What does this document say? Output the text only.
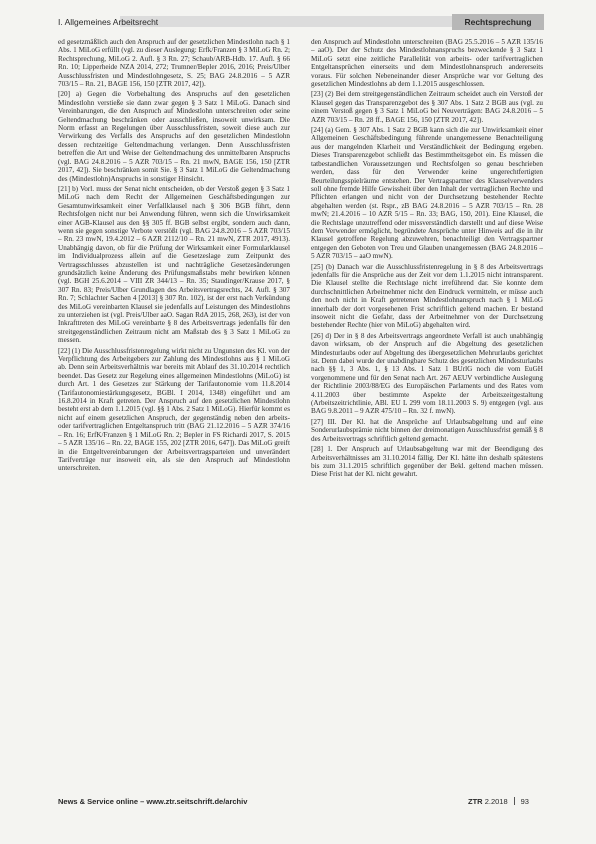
I. Allgemeines Arbeitsrecht	Rechtsprechung

ed gesetzmäßlich auch den Anspruch auf der gesetzlichen Mindestlohn nach § 1 Abs. 1 MiLoG erfüllt (vgl. zu dieser Auslegung: Erfk/Franzen § 3 MiLoG Rn. 2; Rechtsprechung, MiLoG 2. Aufl. § 3 Rn. 27; Schaub/ARB-Hdb. 17. Aufl. § 66 Rn. 10; Lipperheide NZA 2014, 272; Trumner/Bepler 2016, 2016; Preis/Ulber Ausschlussfristen und Mindestlohngesetz, S. 25; BAG 24.8.2016 – 5 AZR 703/15 – Rn. 21, BAGE 156, 150 [ZTR 2017, 42]).

[20] a) Gegen die Vorbehaltung des Anspruchs auf den gesetzlichen Mindestlohn verstieße sie dann zwar gegen § 3 Satz 1 MiLoG. Danach sind Vereinbarungen, die den Anspruch auf Mindestlohn unterschreiten oder seine Geltendmachung beschränken oder ausschließen, insoweit unwirksam. Die Norm erfasst an Regelungen über Ausschlussfristen, soweit diese auch zur Verwirkung des Verfalls des Anspruchs auf den gesetzlichen Mindestlohn dessen rechtzeitige Geltendmachung verlangen. Denn Ausschlussfristen betreffen die Art und Weise der Geltendmachung des unmittelbaren Anspruchs (vgl. BAG 24.8.2016 – 5 AZR 703/15 – Rn. 21 mwN, BAGE 156, 150 [ZTR 2017, 42]). Sie beschränken somit Sie. § 3 Satz 1 MiLoG die Geltendmachung des (Mindestlohn)Anspruchs in sonstiger Hinsicht.

[21] b) Vorl. muss der Senat nicht entscheiden, ob der Verstoß gegen § 3 Satz 1 MiLoG nach dem Recht der Allgemeinen Geschäftsbedingungen zur Gesamtunwirksamkeit einer Verfallklausel nach § 306 BGB führt, denn Rechtsfolgen nicht nur bei Anwendung führen, wenn sich die Unwirksamkeit einer AGB-Klausel aus den §§ 305 ff. BGB selbst ergibt, sondern auch dann, wenn sie gegen sonstige Verbote verstößt (vgl. BAG 24.8.2016 – 5 AZR 703/15 – Rn. 23 mwN, 19.4.2012 – 6 AZR 2112/10 – Rn. 21 mwN, ZTR 2017, 4913). Unabhängig davon, ob für die Prüfung der Wirksamkeit einer Formularklausel im Individualprozess allein auf die Gesetzeslage zum Zeitpunkt des Vertragsschlusses abzustellen ist und nachträgliche Gesetzesänderungen grundsätzlich keine Änderung des Prüfungsmaßstabs mehr bewirken können (vgl. BGH 25.6.2014 – VIII ZR 344/13 – Rn. 35; Staudinger/Krause 2017, § 307 Rn. 83; Preis/Ulber Grundlagen des Arbeitsvertragsrechts, 24. Aufl. § 307 Rn. 7; Schlachter Sachen 4 [2013] § 307 Rn. 102), ist der erst nach Verkündung des MiLoG vereinbarten Klausel sie jedenfalls auf Leistungen des Mindestlohns zu unterziehen ist (vgl. Preis/Ulber aaO. Sagan RdA 2015, 268, 263), ist der von Inkrafttreten des MiLoG vereinbarte § 8 des Arbeitsvertrags jedenfalls für den streitgegenständlichen Zeitraum nicht am Maßstab des § 3 Satz 1 MiLoG zu messen.

[22] (1) Die Ausschlussfristenregelung wirkt nicht zu Ungunsten des Kl. von der Verpflichtung des Arbeitgebers zur Zahlung des Mindestlohns aus § 1 MiLoG ab. Denn sein Arbeitsverhältnis war bereits mit Ablauf des 31.10.2014 rechtlich beendet. Das Gesetz zur Regelung eines allgemeinen Mindestlohns (MiLoG) ist durch Art. 1 des Gesetzes zur Stärkung der Tarifautonomie vom 11.8.2014 (Tarifautonomiestärkungsgesetz, BGBl. I 2014, 1348) eingeführt und am 16.8.2014 in Kraft getreten. Der Anspruch auf den gesetzlichen Mindestlohn besteht erst ab dem 1.1.2015 (vgl. §§ 1 Abs. 2 Satz 1 MiLoG). Hierfür kommt es nicht auf einem gesetzlichen Anspruch, der gegenständig neben den arbeits- oder tarifvertraglichen Entgeltanspruch tritt (BAG 21.12.2016 – 5 AZR 374/16 – Rn. 16; ErfK/Franzen § 1 MiLoG Rn. 2; Bepler in FS Richardi 2017, S. 2015 – 5 AZR 135/16 – Rn. 22, BAGE 155, 202 [ZTR 2016, 647]). Das MiLoG greift in die Entgeltvereinbarungen der Arbeitsvertragsparteien und unverändert Tarifverträge nur insoweit ein, als sie den Anspruch auf Mindestlohn unterschreiten.

den Anspruch auf Mindestlohn unterschreiten (BAG 25.5.2016 – 5 AZR 135/16 – aaO). Der der Schutz des Mindestlohnanspruchs bezweckende § 3 Satz 1 MiLoG setzt eine zeitliche Parallelität von arbeits- oder tarifvertraglichen Entgeltansprüchen einerseits und dem Mindestlohnanspruch andererseits voraus. Für solchen Nebeneinander dieser Ansprüche war vor Geltung des gesetzlichen Mindestlohns ab dem 1.1.2015 ausgeschlossen.

[23] (2) Bei dem streitgegenständlichen Zeitraum scheidet auch ein Verstoß der Klausel gegen das Transparenzgebot des § 307 Abs. 1 Satz 2 BGB aus (vgl. zu einem Verstoß gegen § 3 Satz 1 MiLoG bei Neuverträgen: BAG 24.8.2016 – 5 AZR 703/15 – Rn. 28 ff., BAGE 156, 150 [ZTR 2017, 42]).

[24] (a) Gem. § 307 Abs. 1 Satz 2 BGB kann sich die zur Unwirksamkeit einer Allgemeinen Geschäftsbedingung führende unangemessene Benachteiligung aus der mangelnden Klarheit und Verständlichkeit der Bedingung ergeben. Dieses Transparenzgebot schließt das Bestimmtheitsgebot ein. Es müssen die tatbestandlichen Voraussetzungen und Rechtsfolgen so genau beschrieben werden, dass für den Verwender keine ungerechtfertigten Beurteilungsspielräume entstehen. Der Vertragspartner des Klauselverwenders soll ohne fremde Hilfe Gewissheit über den Inhalt der vertraglichen Rechte und Pflichten erlangen und nicht von der Durchsetzung bestehender Rechte abgehalten werden (st. Rspr., zB BAG 24.8.2016 – 5 AZR 703/15 – Rn. 28 mwN; 21.4.2016 – 10 AZR 5/15 – Rn. 33; BAG, 150, 201). Eine Klausel, die die Rechtslage unzutreffend oder missverständlich darstellt und auf diese Weise dem Verwender ermöglicht, begründete Ansprüche unter Hinweis auf die in ihr Klausel getroffene Regelung abzuwehren, benachteiligt den Vertragspartner entgegen den Geboten von Treu und Glauben unangemessen (BAG 24.8.2016 – 5 AZR 703/15 – aaO mwN).

[25] (b) Danach war die Ausschlussfristenregelung in § 8 des Arbeitsvertrags jedenfalls für die Ansprüche aus der Zeit vor dem 1.1.2015 nicht intransparent. Die Klausel stellte die Rechtslage nicht irreführend dar. Sie konnte dem durchschnittlichen Arbeitnehmer nicht den Eindruck vermitteln, er müsse auch den noch nicht in Kraft getretenen Mindestlohnanspruch nach § 1 MiLoG innerhalb der dort vorgesehenen Frist schriftlich geltend machen. Er bestand insoweit nicht die Gefahr, dass der Arbeitnehmer von der Durchsetzung bestehender Rechte (hier von MiLoG) abgehalten wird.

[26] d) Der in § 8 des Arbeitsvertrags angeordnete Verfall ist auch unabhängig davon wirksam, ob der Anspruch auf die Abgeltung des gesetzlichen Mindesturlaubs oder auf Abgeltung des übergesetzlichen Mehrurlaubs gerichtet ist. Denn dabei wurde der unabdingbare Schutz des gesetzlichen Mindesturlaubs nach §§ 1, 3 Abs. 1, § 13 Abs. 1 Satz 1 BUrlG noch die vom EuGH vorgenommene und für den Senat nach Art. 267 AEUV verbindliche Auslegung der Richtlinie 2003/88/EG des Europäischen Parlaments und des Rates vom 4.11.2003 über bestimmte Aspekte der Arbeitszeitgestaltung (Arbeitszeitrichtlinie, ABl. EU L 299 vom 18.11.2003 S. 9) entgegen (vgl. aus BAG 9.8.2011 – 9 AZR 475/10 – Rn. 32 f. mwN).

[27] III. Der Kl. hat die Ansprüche auf Urlaubsabgeltung und auf eine Sonderurlaubsprämie nicht binnen der dreimonatigen Ausschlussfrist gemäß § 8 des Arbeitsvertrags schriftlich geltend gemacht.

[28] 1. Der Anspruch auf Urlaubsabgeltung war mit der Beendigung des Arbeitsverhältnisses am 31.10.2014 fällig. Der Kl. hätte ihn deshalb spätestens bis zum 31.1.2015 schriftlich gegenüber der Bekl. geltend machen müssen. Diese Frist hat der Kl. nicht gewahrt.

News & Service online – www.ztr.seitschrift.de/archiv	ZTR 2.2018 93
